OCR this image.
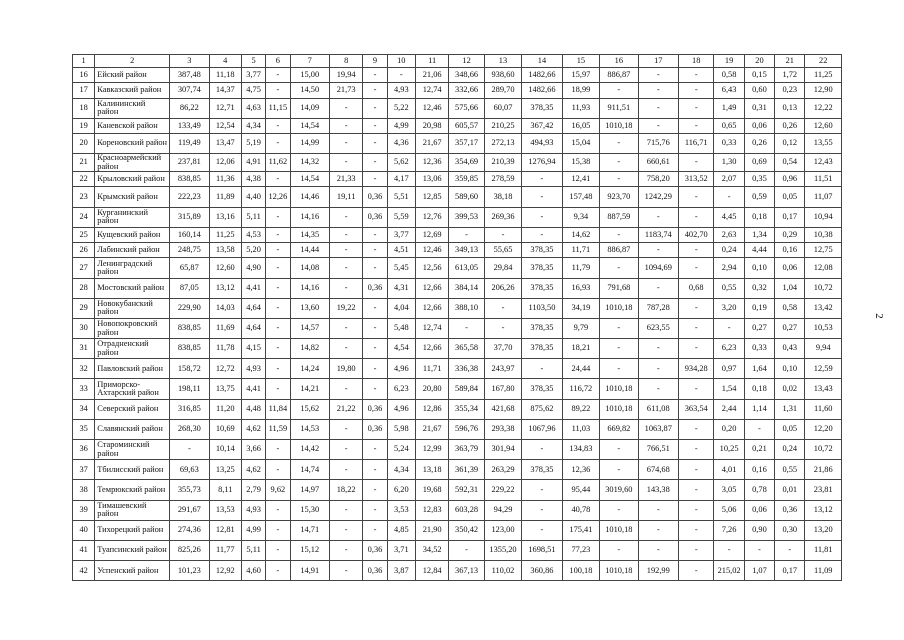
1	2	3	4	5	6	7	8	9	10	11	12	13	14	15	16	17	18	19	20	21	22
16	Ейский район	387,48	11,18	3,77	-	15,00	19,94	-	-	21,06	348,66	938,60	1482,66	15,97	886,87	-	-	0,58	0,15	1,72	11,25
17	Кавказский район	307,74	14,37	4,75	-	14,50	21,73	-	4,93	12,74	332,66	289,70	1482,66	18,99	-	-	-	6,43	0,60	0,23	12,90
18	Калининский район	86,22	12,71	4,63	11,15	14,09	-	-	5,22	12,46	575,66	60,07	378,35	11,93	911,51	-	-	1,49	0,31	0,13	12,22
19	Каневской район	133,49	12,54	4,34	-	14,54	-	-	4,99	20,98	605,57	210,25	367,42	16,05	1010,18	-	-	0,65	0,06	0,26	12,60
20	Кореновский район	119,49	13,47	5,19	-	14,99	-	-	4,36	21,67	357,17	272,13	494,93	15,04	-	715,76	116,71	0,33	0,26	0,12	13,55
21	Красноармейский район	237,81	12,06	4,91	11,62	14,32	-	-	5,62	12,36	354,69	210,39	1276,94	15,38	-	660,61	-	1,30	0,69	0,54	12,43
22	Крыловский район	838,85	11,36	4,38	-	14,54	21,33	-	4,17	13,06	359,85	278,59	-	12,41	-	758,20	313,52	2,07	0,35	0,96	11,51
23	Крымский район	222,23	11,89	4,40	12,26	14,46	19,11	0,36	5,51	12,85	589,60	38,18	-	157,48	923,70	1242,29	-	-	0,59	0,05	11,07
24	Курганинский район	315,89	13,16	5,11	-	14,16	-	0,36	5,59	12,76	399,53	269,36	-	9,34	887,59	-	-	4,45	0,18	0,17	10,94
25	Кущевский район	160,14	11,25	4,53	-	14,35	-	-	3,77	12,69	-	-	-	14,62	-	1183,74	402,70	2,63	1,34	0,29	10,38
26	Лабинский район	248,75	13,58	5,20	-	14,44	-	-	4,51	12,46	349,13	55,65	378,35	11,71	886,87	-	-	0,24	4,44	0,16	12,75
27	Ленинградский район	65,87	12,60	4,90	-	14,08	-	-	5,45	12,56	613,05	29,84	378,35	11,79	-	1094,69	-	2,94	0,10	0,06	12,08
28	Мостовский район	87,05	13,12	4,41	-	14,16	-	0,36	4,31	12,66	384,14	206,26	378,35	16,93	791,68	-	0,68	0,55	0,32	1,04	10,72
29	Новокубанский район	229,90	14,03	4,64	-	13,60	19,22	-	4,04	12,66	388,10	-	1103,50	34,19	1010,18	787,28	-	3,20	0,19	0,58	13,42
30	Новопокровский район	838,85	11,69	4,64	-	14,57	-	-	5,48	12,74	-	-	378,35	9,79	-	623,55	-	-	0,27	0,27	10,53
31	Отрадненский район	838,85	11,78	4,15	-	14,82	-	-	4,54	12,66	365,58	37,70	378,35	18,21	-	-	-	6,23	0,33	0,43	9,94
32	Павловский район	158,72	12,72	4,93	-	14,24	19,80	-	4,96	11,71	336,38	243,97	-	24,44	-	-	934,28	0,97	1,64	0,10	12,59
33	Приморско-Ахтарский район	198,11	13,75	4,41	-	14,21	-	-	6,23	20,80	589,84	167,80	378,35	116,72	1010,18	-	-	1,54	0,18	0,02	13,43
34	Северский район	316,85	11,20	4,48	11,84	15,62	21,22	0,36	4,96	12,86	355,34	421,68	875,62	89,22	1010,18	611,08	363,54	2,44	1,14	1,31	11,60
35	Славянский район	268,30	10,69	4,62	11,59	14,53	-	0,36	5,98	21,67	596,76	293,38	1067,96	11,03	669,82	1063,87	-	0,20	-	0,05	12,20
36	Староминский район	-	10,14	3,66	-	14,42	-	-	5,24	12,99	363,79	301,94	-	134,83	-	766,51	-	10,25	0,21	0,24	10,72
37	Тбилисский район	69,63	13,25	4,62	-	14,74	-	-	4,34	13,18	361,39	263,29	378,35	12,36	-	674,68	-	4,01	0,16	0,55	21,86
38	Темрюкский район	355,73	8,11	2,79	9,62	14,97	18,22	-	6,20	19,68	592,31	229,22	-	95,44	3019,60	143,38	-	3,05	0,78	0,01	23,81
39	Тимашевский район	291,67	13,53	4,93	-	15,30	-	-	3,53	12,83	603,28	94,29	-	40,78	-	-	-	5,06	0,06	0,36	13,12
40	Тихорецкий район	274,36	12,81	4,99	-	14,71	-	-	4,85	21,90	350,42	123,00	-	175,41	1010,18	-	-	7,26	0,90	0,30	13,20
41	Туапсинский район	825,26	11,77	5,11	-	15,12	-	0,36	3,71	34,52	-	1355,20	1698,51	77,23	-	-	-	-	-	-	11,81
42	Успенский район	101,23	12,92	4,60	-	14,91	-	0,36	3,87	12,84	367,13	110,02	360,86	100,18	1010,18	192,99	-	215,02	1,07	0,17	11,09
2
